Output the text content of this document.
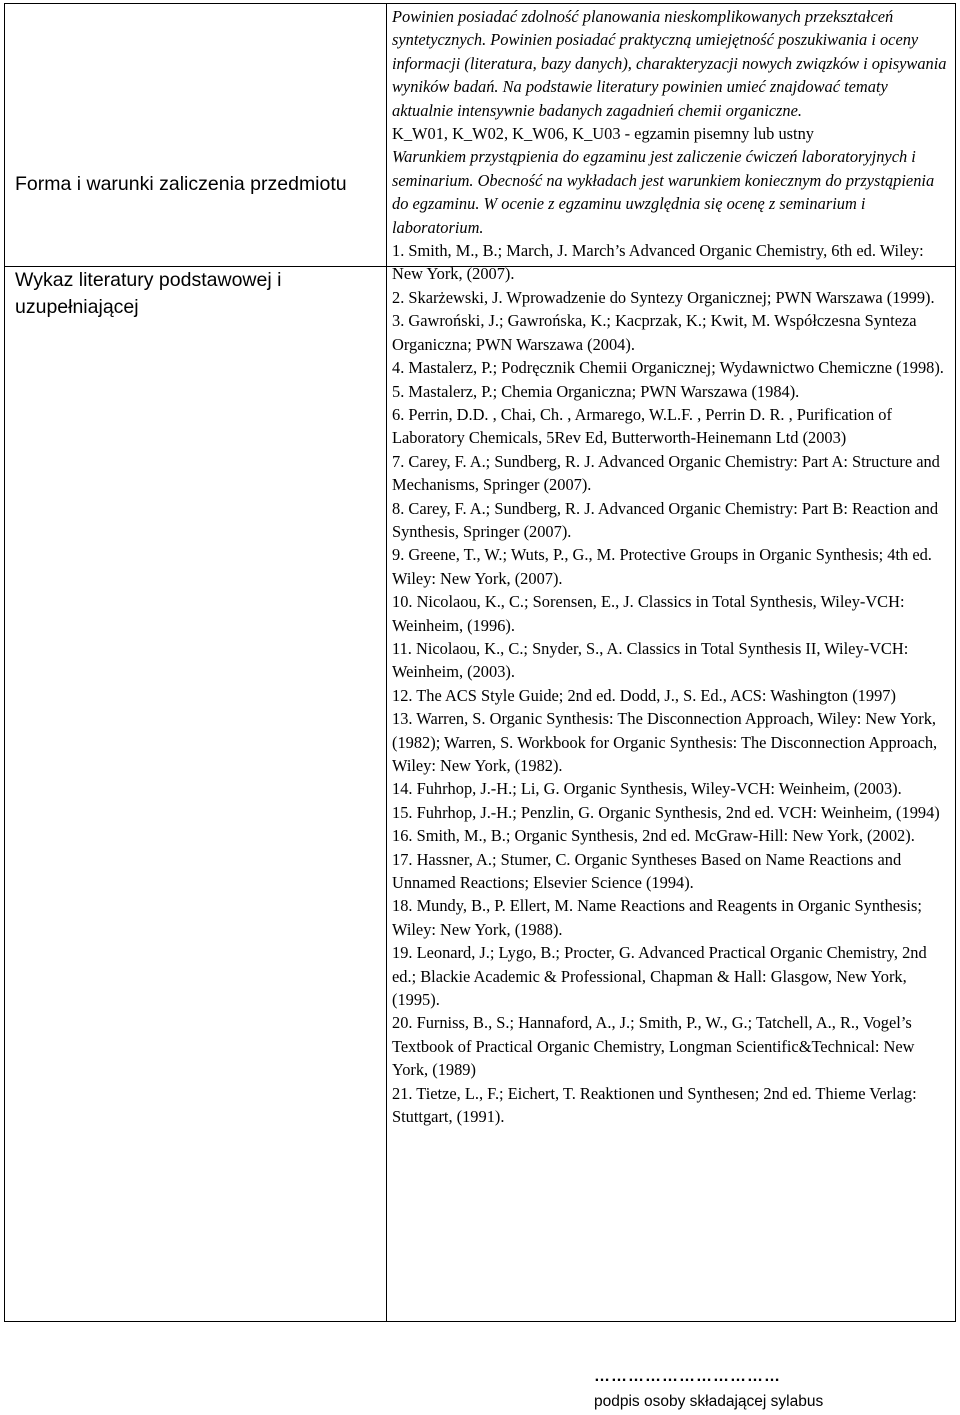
Forma i warunki zaliczenia przedmiotu
Wykaz literatury podstawowej i uzupełniającej
Powinien posiadać zdolność planowania nieskomplikowanych przekształceń syntetycznych. Powinien posiadać praktyczną umiejętność poszukiwania i oceny informacji (literatura, bazy danych), charakteryzacji nowych związków i opisywania wyników badań. Na podstawie literatury powinien umieć znajdować tematy aktualnie intensywnie badanych zagadnień chemii organiczne.
K_W01, K_W02, K_W06, K_U03 - egzamin pisemny lub ustny
Warunkiem przystąpienia do egzaminu jest zaliczenie ćwiczeń laboratoryjnych i seminarium. Obecność na wykładach jest warunkiem koniecznym do przystąpienia do egzaminu. W ocenie z egzaminu uwzględnia się ocenę z seminarium i laboratorium.

1. Smith, M., B.; March, J. March’s Advanced Organic Chemistry, 6th ed. Wiley: New York, (2007).

2. Skarżewski, J. Wprowadzenie do Syntezy Organicznej; PWN Warszawa (1999).

3. Gawroński, J.; Gawrońska, K.; Kacprzak, K.; Kwit, M. Współczesna Synteza Organiczna; PWN Warszawa (2004).

4. Mastalerz, P.; Podręcznik Chemii Organicznej; Wydawnictwo Chemiczne (1998).

5. Mastalerz, P.; Chemia Organiczna; PWN Warszawa (1984).

6. Perrin, D.D. , Chai, Ch. , Armarego, W.L.F. , Perrin D. R. , Purification of Laboratory Chemicals, 5Rev Ed, Butterworth-Heinemann Ltd (2003)

7. Carey, F. A.; Sundberg, R. J. Advanced Organic Chemistry: Part A: Structure and Mechanisms, Springer (2007).

8. Carey, F. A.; Sundberg, R. J. Advanced Organic Chemistry: Part B: Reaction and Synthesis, Springer (2007).

9. Greene, T., W.; Wuts, P., G., M. Protective Groups in Organic Synthesis; 4th ed. Wiley: New York, (2007).

10. Nicolaou, K., C.; Sorensen, E., J. Classics in Total Synthesis, Wiley-VCH: Weinheim, (1996).

11. Nicolaou, K., C.; Snyder, S., A. Classics in Total Synthesis II, Wiley-VCH: Weinheim, (2003).

12. The ACS Style Guide; 2nd ed. Dodd, J., S. Ed., ACS: Washington (1997)

13. Warren, S. Organic Synthesis: The Disconnection Approach, Wiley: New York, (1982); Warren, S. Workbook for Organic Synthesis: The Disconnection Approach, Wiley: New York, (1982).

14. Fuhrhop, J.-H.; Li, G. Organic Synthesis, Wiley-VCH: Weinheim, (2003).

15. Fuhrhop, J.-H.; Penzlin, G. Organic Synthesis, 2nd ed. VCH: Weinheim, (1994)

16. Smith, M., B.; Organic Synthesis, 2nd ed. McGraw-Hill: New York, (2002).

17. Hassner, A.; Stumer, C. Organic Syntheses Based on Name Reactions and Unnamed Reactions; Elsevier Science (1994).

18. Mundy, B., P. Ellert, M. Name Reactions and Reagents in Organic Synthesis; Wiley: New York, (1988).

19. Leonard, J.; Lygo, B.; Procter, G. Advanced Practical Organic Chemistry, 2nd ed.; Blackie Academic & Professional, Chapman & Hall: Glasgow, New York, (1995).

20. Furniss, B., S.; Hannaford, A., J.; Smith, P., W., G.; Tatchell, A., R., Vogel’s Textbook of Practical Organic Chemistry, Longman Scientific&Technical: New York, (1989)

21. Tietze, L., F.; Eichert, T. Reaktionen und Synthesen; 2nd ed. Thieme Verlag: Stuttgart, (1991).

……………………………
podpis osoby składającej sylabus
